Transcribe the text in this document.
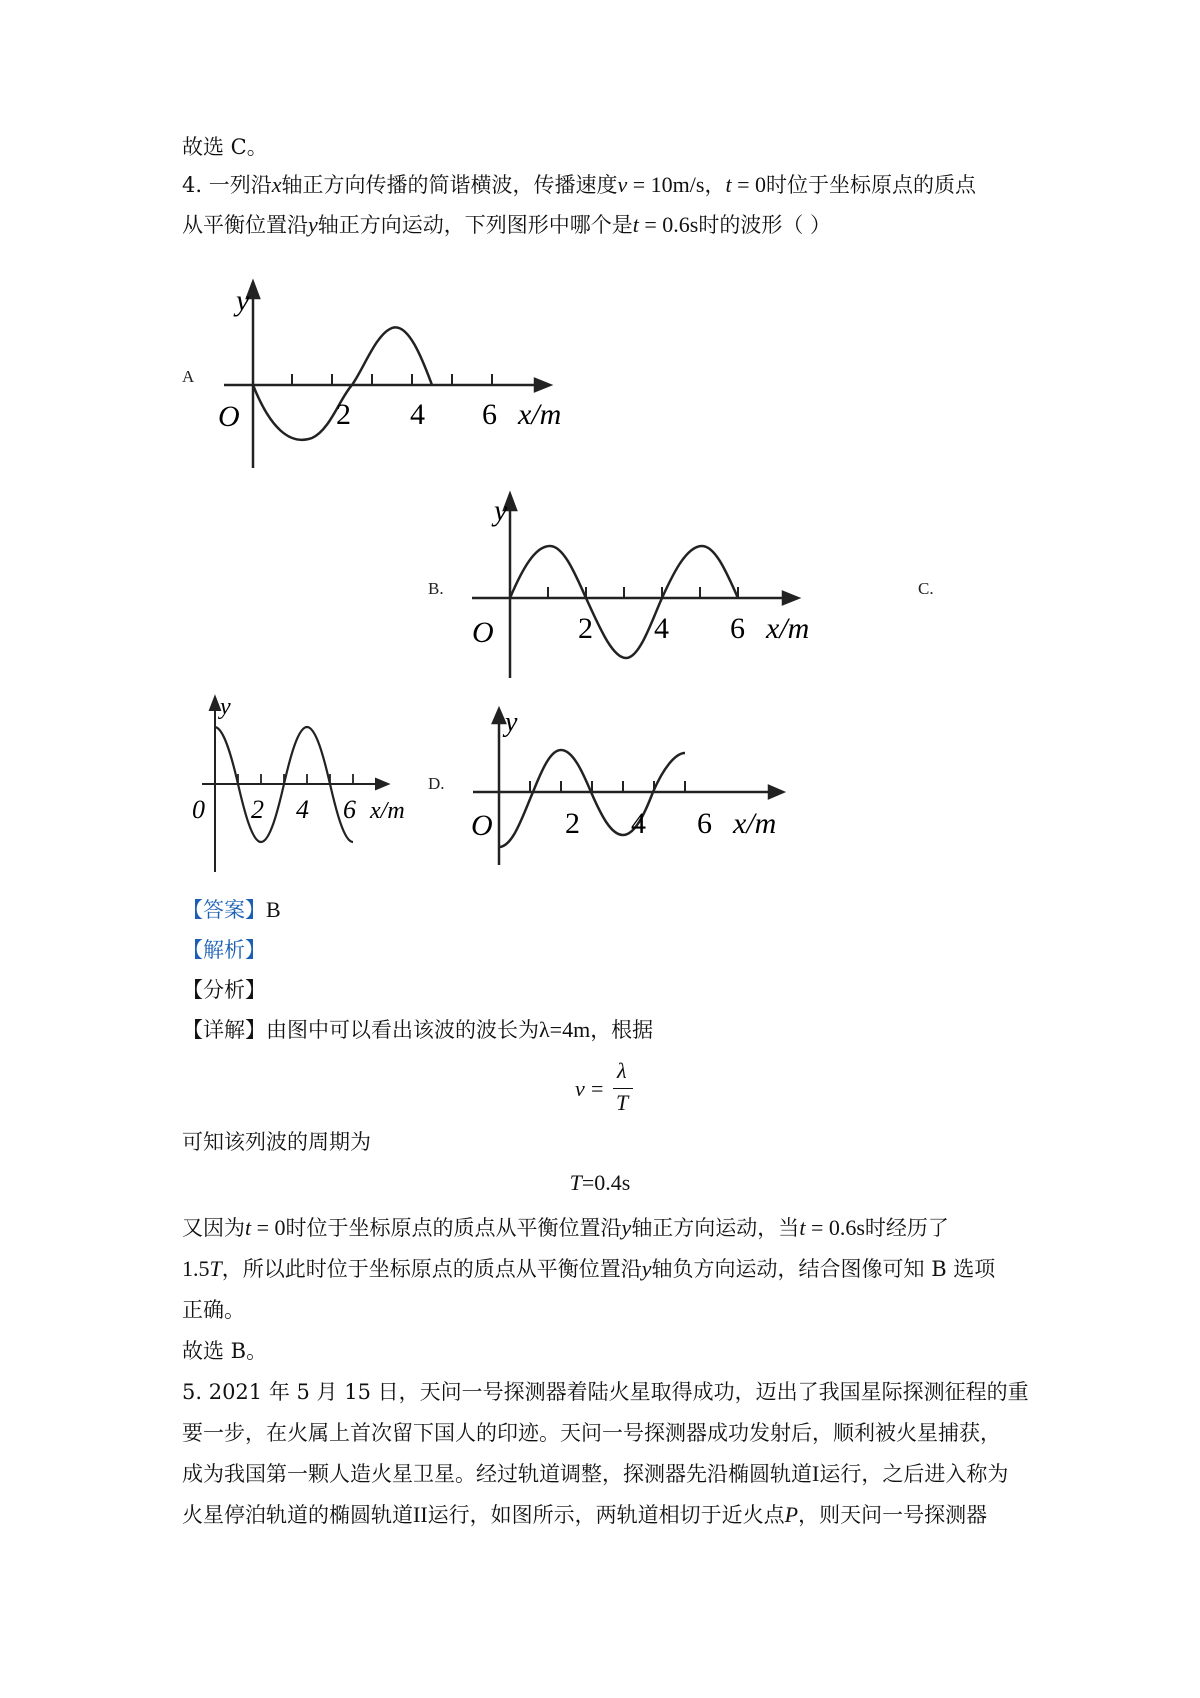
故选 C。
4. 一列沿x轴正方向传播的简谐横波，传播速度v = 10m/s，t = 0时位于坐标原点的质点
从平衡位置沿y轴正方向运动，下列图形中哪个是t = 0.6s时的波形（ ）
A
B.	C.
D.
y
O	2 4 6 x/m
y
O	2 4 6 x/m
y
0 2 4 6 x/m
y
O 2 4 6 x/m
【答案】B
【解析】
【分析】
【详解】由图中可以看出该波的波长为λ=4m，根据
v =
λ
T
可知该列波的周期为
T=0.4s
又因为t = 0时位于坐标原点的质点从平衡位置沿y轴正方向运动，当t = 0.6s时经历了
1.5T，所以此时位于坐标原点的质点从平衡位置沿y轴负方向运动，结合图像可知 B 选项
正确。
故选 B。
5. 2021 年 5 月 15 日，天问一号探测器着陆火星取得成功，迈出了我国星际探测征程的重
要一步，在火属上首次留下国人的印迹。天问一号探测器成功发射后，顺利被火星捕获，
成为我国第一颗人造火星卫星。经过轨道调整，探测器先沿椭圆轨道I运行，之后进入称为
火星停泊轨道的椭圆轨道II运行，如图所示，两轨道相切于近火点P，则天问一号探测器
